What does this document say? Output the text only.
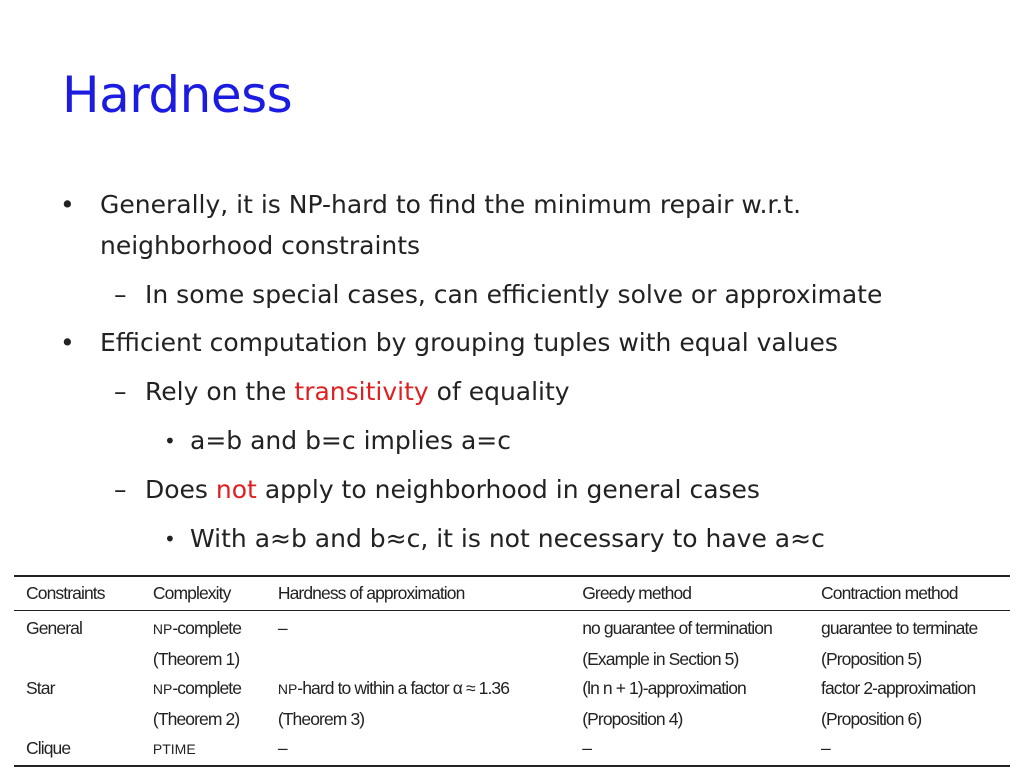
Hardness
• Generally, it is NP-hard to find the minimum repair w.r.t.
neighborhood constraints
– In some special cases, can efficiently solve or approximate
• Efficient computation by grouping tuples with equal values
– Rely on the transitivity of equality
• a=b and b=c implies a=c
– Does not apply to neighborhood in general cases
• With a≈b and b≈c, it is not necessary to have a≈c
Constraints	Complexity	Hardness of approximation	Greedy method	Contraction method
General	NP-complete	–	no guarantee of termination	guarantee to terminate
	(Theorem 1)		(Example in Section 5)	(Proposition 5)
Star	NP-complete	NP-hard to within a factor α ≈ 1.36	(ln n + 1)-approximation	factor 2-approximation
	(Theorem 2)	(Theorem 3)	(Proposition 4)	(Proposition 6)
Clique	PTIME	–	–	–
